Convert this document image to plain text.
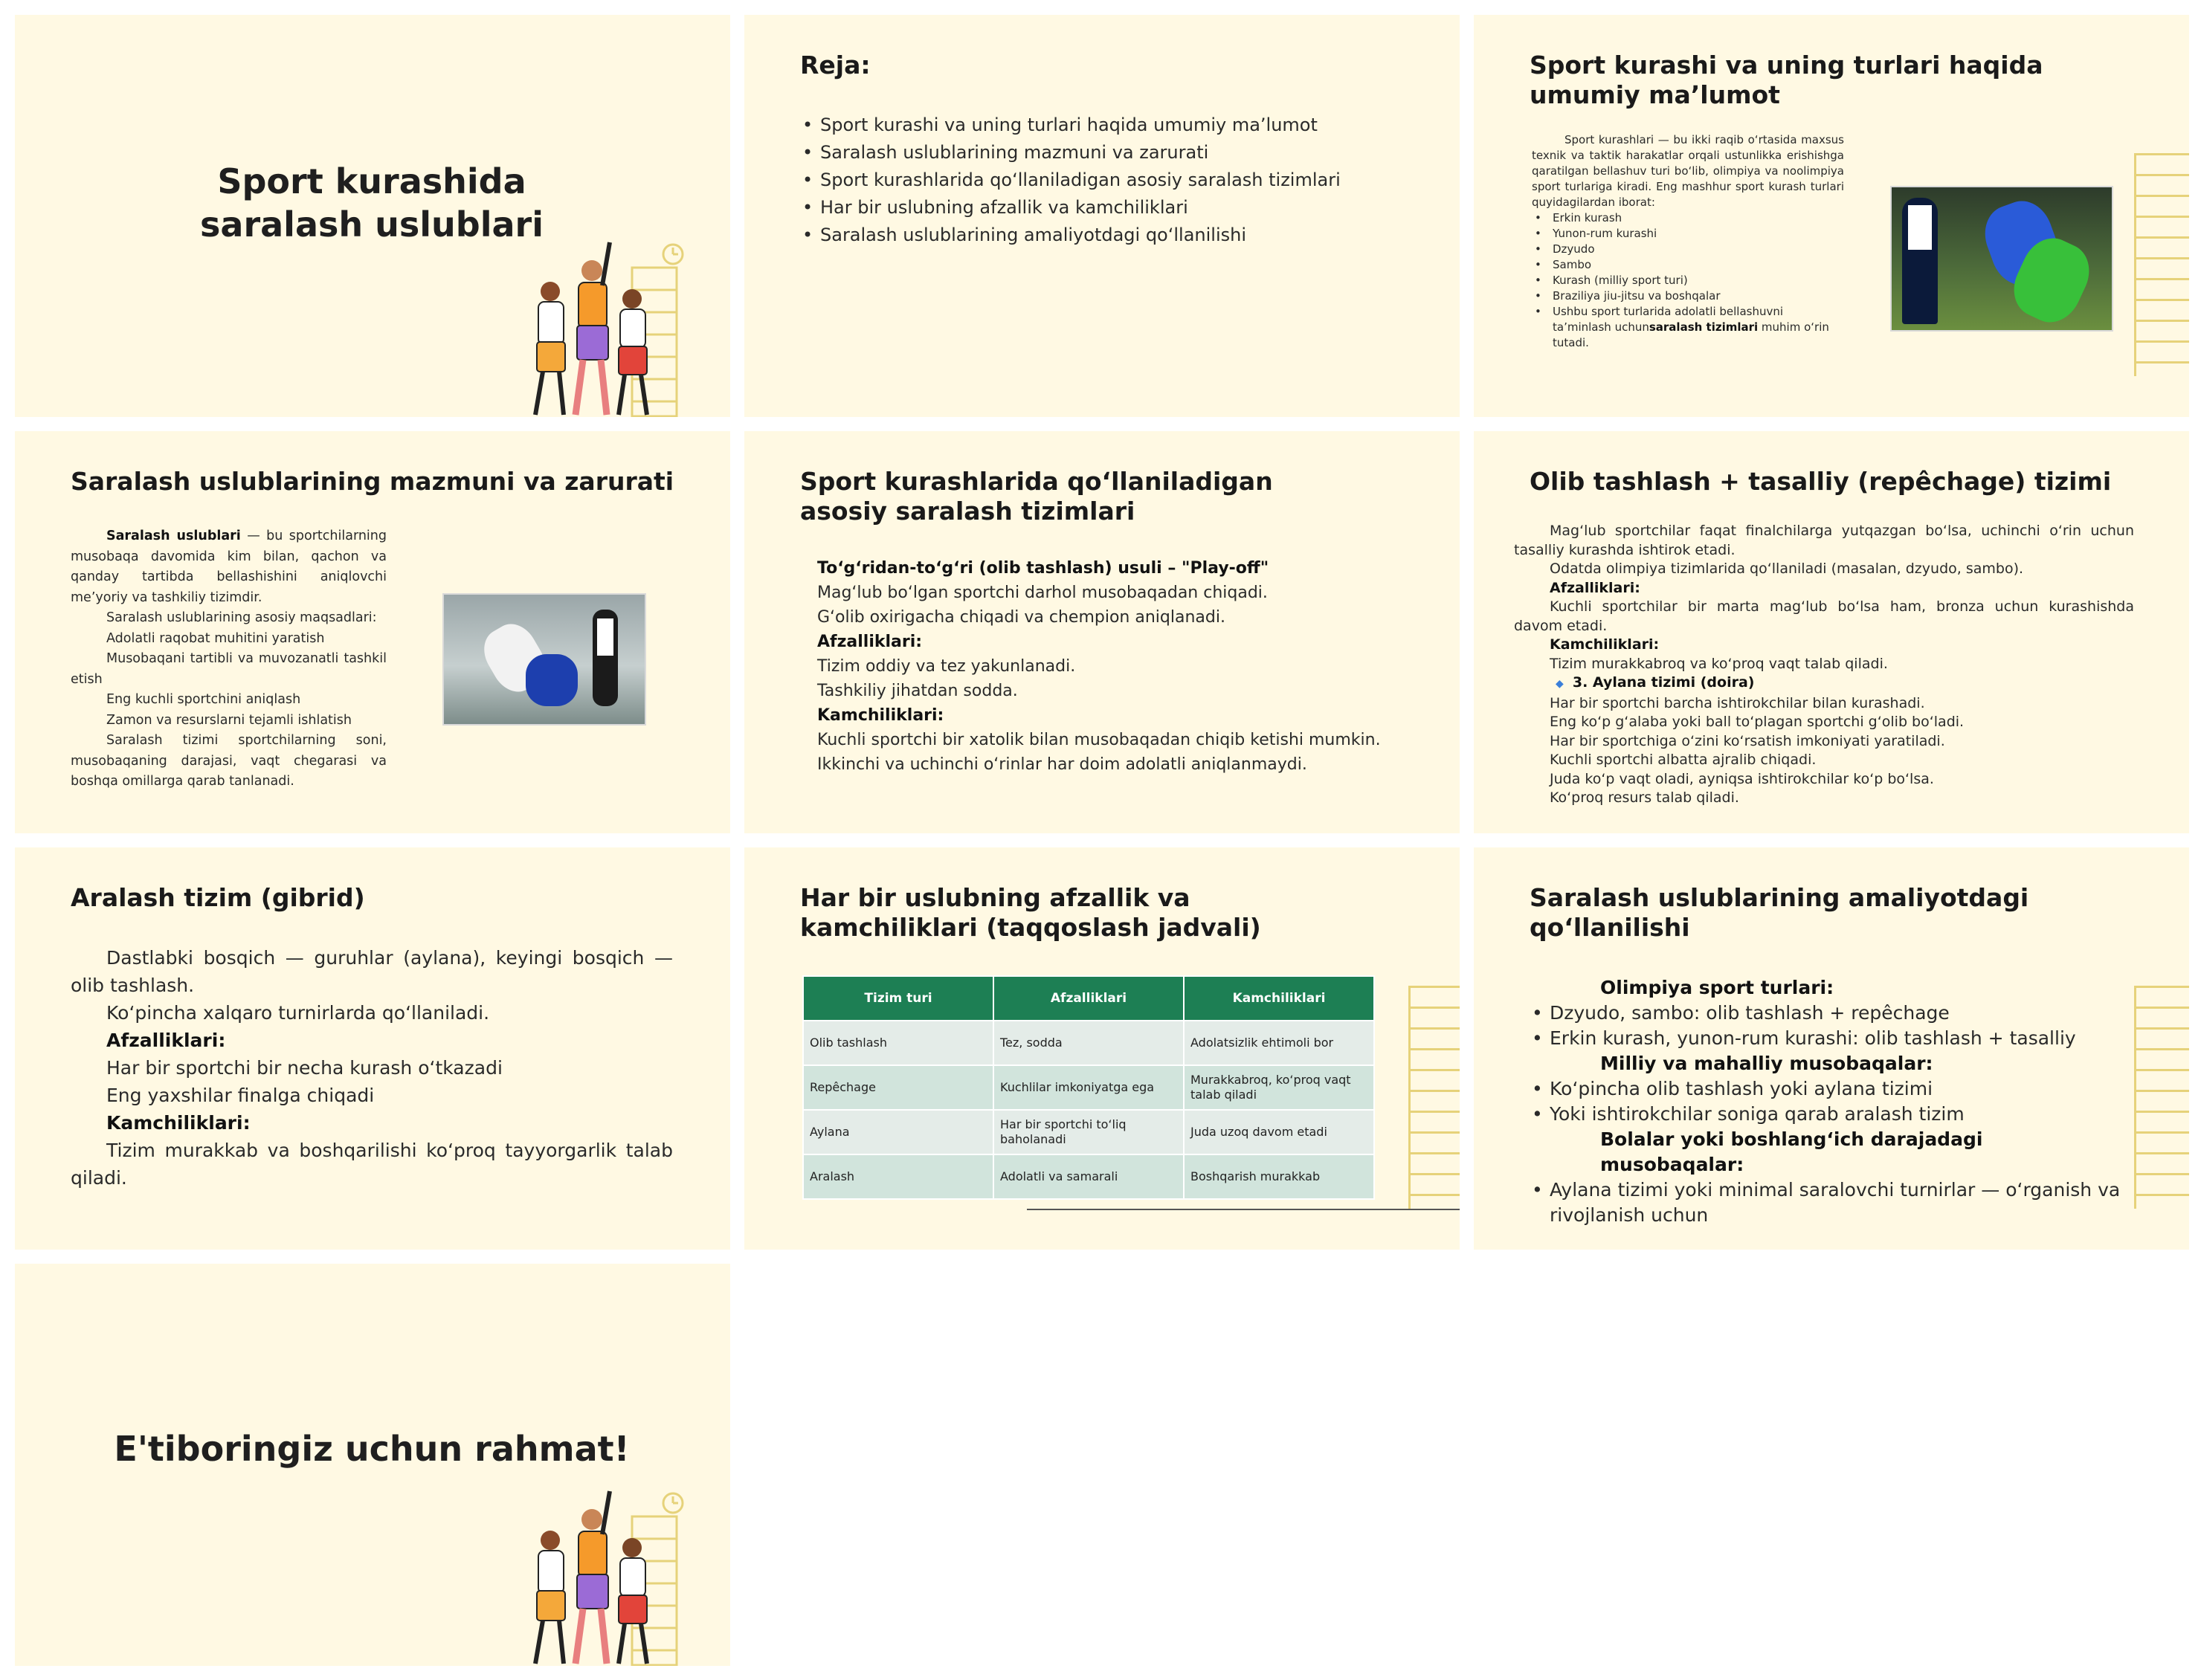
Sport kurashida saralash uslublari
Reja:
• Sport kurashi va uning turlari haqida umumiy ma’lumot
• Saralash uslublarining mazmuni va zarurati
• Sport kurashlarida qo‘llaniladigan asosiy saralash tizimlari
• Har bir uslubning afzallik va kamchiliklari
• Saralash uslublarining amaliyotdagi qo‘llanilishi
Sport kurashi va uning turlari haqida umumiy ma’lumot

Sport kurashlari — bu ikki raqib o‘rtasida maxsus texnik va taktik harakatlar orqali ustunlikka erishishga qaratilgan bellashuv turi bo‘lib, olimpiya va noolimpiya sport turlariga kiradi. Eng mashhur sport kurash turlari quyidagilardan iborat:

• Erkin kurash
• Yunon-rum kurashi
• Dzyudo
• Sambo
• Kurash (milliy sport turi)
• Braziliya jiu-jitsu va boshqalar
• Ushbu sport turlarida adolatli bellashuvni ta’minlash uchunsaralash tizimlari muhim o‘rin tutadi.
Saralash uslublarining mazmuni va zarurati

Saralash uslublari — bu sportchilarning musobaqa davomida kim bilan, qachon va qanday tartibda bellashishini aniqlovchi me’yoriy va tashkiliy tizimdir.

Saralash uslublarining asosiy maqsadlari:

Adolatli raqobat muhitini yaratish

Musobaqani tartibli va muvozanatli tashkil etish

Eng kuchli sportchini aniqlash

Zamon va resurslarni tejamli ishlatish

Saralash tizimi sportchilarning soni, musobaqaning darajasi, vaqt chegarasi va boshqa omillarga qarab tanlanadi.

Sport kurashlarida qo‘llaniladigan asosiy saralash tizimlari

To‘g‘ridan-to‘g‘ri (olib tashlash) usuli – "Play-off"

Mag‘lub bo‘lgan sportchi darhol musobaqadan chiqadi.

G‘olib oxirigacha chiqadi va chempion aniqlanadi.

Afzalliklari:

Tizim oddiy va tez yakunlanadi.

Tashkiliy jihatdan sodda.

Kamchiliklari:

Kuchli sportchi bir xatolik bilan musobaqadan chiqib ketishi mumkin.

Ikkinchi va uchinchi o‘rinlar har doim adolatli aniqlanmaydi.

Olib tashlash + tasalliy (repêchage) tizimi

Mag‘lub sportchilar faqat finalchilarga yutqazgan bo‘lsa, uchinchi o‘rin uchun tasalliy kurashda ishtirok etadi.

Odatda olimpiya tizimlarida qo‘llaniladi (masalan, dzyudo, sambo).

Afzalliklari:

Kuchli sportchilar bir marta mag‘lub bo‘lsa ham, bronza uchun kurashishda davom etadi.

Kamchiliklari:

Tizim murakkabroq va ko‘proq vaqt talab qiladi.

◆ 3. Aylana tizimi (doira)

Har bir sportchi barcha ishtirokchilar bilan kurashadi.

Eng ko‘p g‘alaba yoki ball to‘plagan sportchi g‘olib bo‘ladi.

Har bir sportchiga o‘zini ko‘rsatish imkoniyati yaratiladi.

Kuchli sportchi albatta ajralib chiqadi.

Juda ko‘p vaqt oladi, ayniqsa ishtirokchilar ko‘p bo‘lsa.

Ko‘proq resurs talab qiladi.

Aralash tizim (gibrid)

Dastlabki bosqich — guruhlar (aylana), keyingi bosqich — olib tashlash.

Ko‘pincha xalqaro turnirlarda qo‘llaniladi.

Afzalliklari:

Har bir sportchi bir necha kurash o‘tkazadi

Eng yaxshilar finalga chiqadi

Kamchiliklari:

Tizim murakkab va boshqarilishi ko‘proq tayyorgarlik talab qiladi.

Har bir uslubning afzallik va kamchiliklari (taqqoslash jadvali)
Tizim turi	Afzalliklari	Kamchiliklari
Olib tashlash	Tez, sodda	Adolatsizlik ehtimoli bor
Repêchage	Kuchlilar imkoniyatga ega	Murakkabroq, ko‘proq vaqt talab qiladi
Aylana	Har bir sportchi to‘liq baholanadi	Juda uzoq davom etadi
Aralash	Adolatli va samarali	Boshqarish murakkab
Saralash uslublarining amaliyotdagi qo‘llanilishi

Olimpiya sport turlari:

• Dzyudo, sambo: olib tashlash + repêchage
• Erkin kurash, yunon-rum kurashi: olib tashlash + tasalliy

Milliy va mahalliy musobaqalar:

• Ko‘pincha olib tashlash yoki aylana tizimi
• Yoki ishtirokchilar soniga qarab aralash tizim

Bolalar yoki boshlang‘ich darajadagi musobaqalar:

• Aylana tizimi yoki minimal saralovchi turnirlar — o‘rganish va rivojlanish uchun
E'tiboringiz uchun rahmat!
